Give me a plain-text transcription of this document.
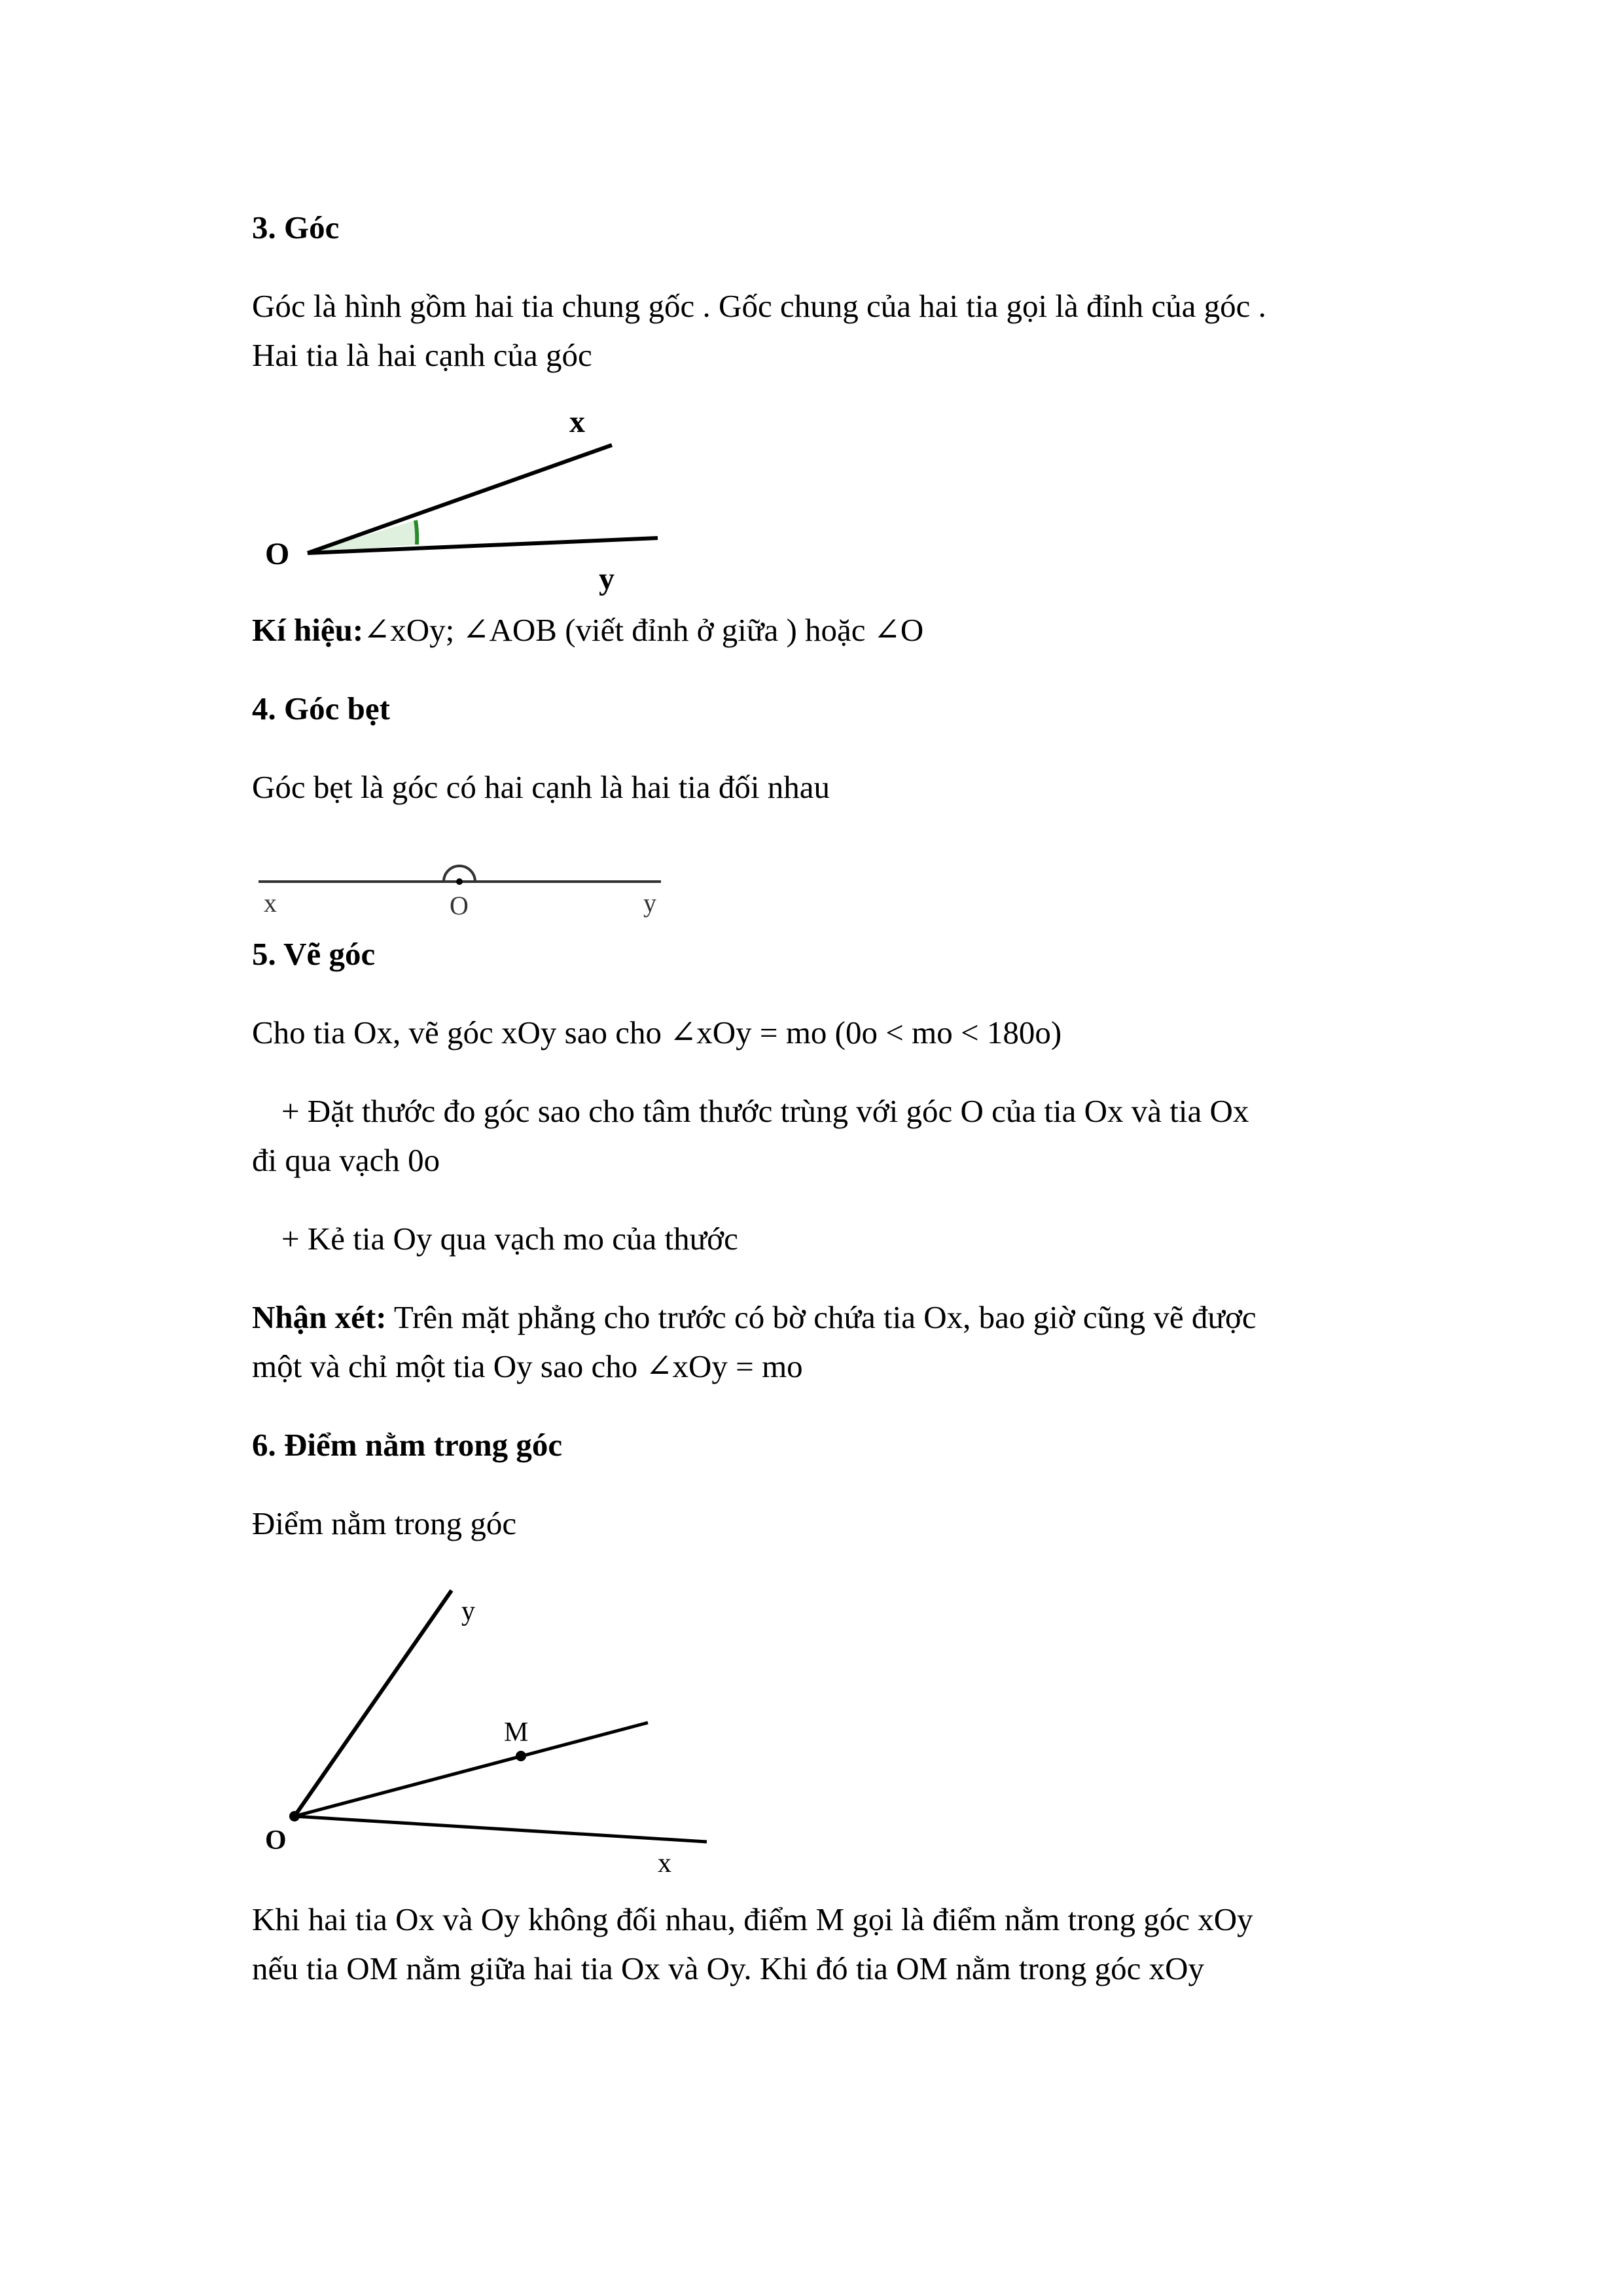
3. Góc
Góc là hình gồm hai tia chung gốc . Gốc chung của hai tia gọi là đỉnh của góc .
Hai tia là hai cạnh của góc
O
x
y
Kí hiệu:∠xOy; ∠AOB (viết đỉnh ở giữa ) hoặc ∠O
4. Góc bẹt
Góc bẹt là góc có hai cạnh là hai tia đối nhau
x	O	y
5. Vẽ góc
Cho tia Ox, vẽ góc xOy sao cho ∠xOy = mo (0o < mo < 180o)
+ Đặt thước đo góc sao cho tâm thước trùng với góc O của tia Ox và tia Ox
đi qua vạch 0o
+ Kẻ tia Oy qua vạch mo của thước
Nhận xét: Trên mặt phẳng cho trước có bờ chứa tia Ox, bao giờ cũng vẽ được
một và chỉ một tia Oy sao cho ∠xOy = mo
6. Điểm nằm trong góc
Điểm nằm trong góc
O
y
M
x
Khi hai tia Ox và Oy không đối nhau, điểm M gọi là điểm nằm trong góc xOy
nếu tia OM nằm giữa hai tia Ox và Oy. Khi đó tia OM nằm trong góc xOy
